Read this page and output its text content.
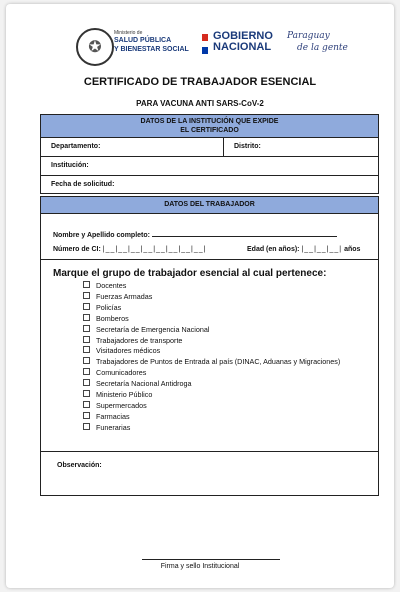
✪
Ministerio de
SALUD PÚBLICA
Y BIENESTAR SOCIAL
GOBIERNO
NACIONAL
Paraguay
de la gente
CERTIFICADO DE TRABAJADOR ESENCIAL
PARA VACUNA ANTI SARS-CoV-2
DATOS DE LA INSTITUCIÓN QUE EXPIDE
EL CERTIFICADO
Departamento:	Distrito:
Institución:
Fecha de solicitud:
DATOS DEL TRABAJADOR
Nombre y Apellido completo:
Número de CI: |__|__|__|__|__|__|__|__|	Edad (en años): |__|__|__| años
Marque el grupo de trabajador esencial al cual pertenece:
Docentes
Fuerzas Armadas
Policías
Bomberos
Secretaría de Emergencia Nacional
Trabajadores de transporte
Visitadores médicos
Trabajadores de Puntos de Entrada al país (DINAC, Aduanas y Migraciones)
Comunicadores
Secretaría Nacional Antidroga
Ministerio Público
Supermercados
Farmacias
Funerarias
Observación:
Firma y sello Institucional
